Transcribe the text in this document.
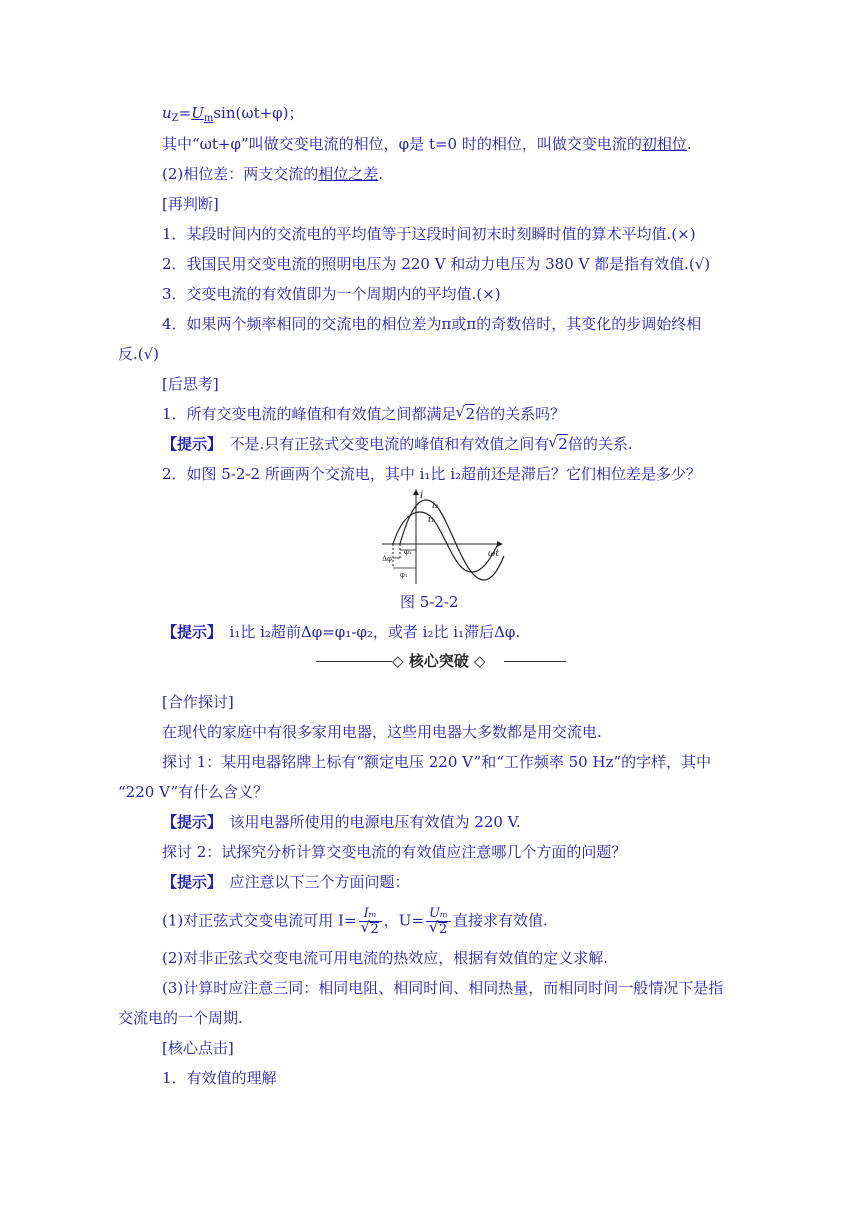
$u_Z=U_m\sin(\omega t+\varphi)$；
其中“ωt+φ”叫做交变电流的相位，φ是 t=0 时的相位，叫做交变电流的初相位.
(2)相位差：两支交流的相位之差.
[再判断]
1．某段时间内的交流电的平均值等于这段时间初末时刻瞬时值的算术平均值.(×)
2．我国民用交变电流的照明电压为 220 V 和动力电压为 380 V 都是指有效值.(√)
3．交变电流的有效值即为一个周期内的平均值.(×)
4．如果两个频率相同的交流电的相位差为π或π的奇数倍时，其变化的步调始终相
反.(√)
[后思考]
1．所有交变电流的峰值和有效值之间都满足 √ 2倍的关系吗？
【提示】　不是.只有正弦式交变电流的峰值和有效值之间有 √ 2倍的关系.
2．如图 5-2-2 所画两个交流电，其中 i₁比 i₂超前还是滞后？它们相位差是多少？
i
ωt
i₂
i₁
φ₂
Δφ
φ₁
图 5-2-2
【提示】　i₁比 i₂超前Δφ=φ₁-φ₂，或者 i₂比 i₁滞后Δφ.
◇ 核心突破 ◇
[合作探讨]
在现代的家庭中有很多家用电器，这些用电器大多数都是用交流电.
探讨 1：某用电器铭牌上标有“额定电压 220 V”和“工作频率 50 Hz”的字样，其中
“220 V”有什么含义？
【提示】　该用电器所使用的电源电压有效值为 220 V.
探讨 2：试探究分析计算交变电流的有效值应注意哪几个方面的问题？
【提示】　应注意以下三个方面问题：
(1)对正弦式交变电流可用 I= Iₘ
√ 2 ，U= Uₘ
√ 2 直接求有效值.
(2)对非正弦式交变电流可用电流的热效应，根据有效值的定义求解.
(3)计算时应注意三同：相同电阻、相同时间、相同热量，而相同时间一般情况下是指
交流电的一个周期.
[核心点击]
1．有效值的理解
